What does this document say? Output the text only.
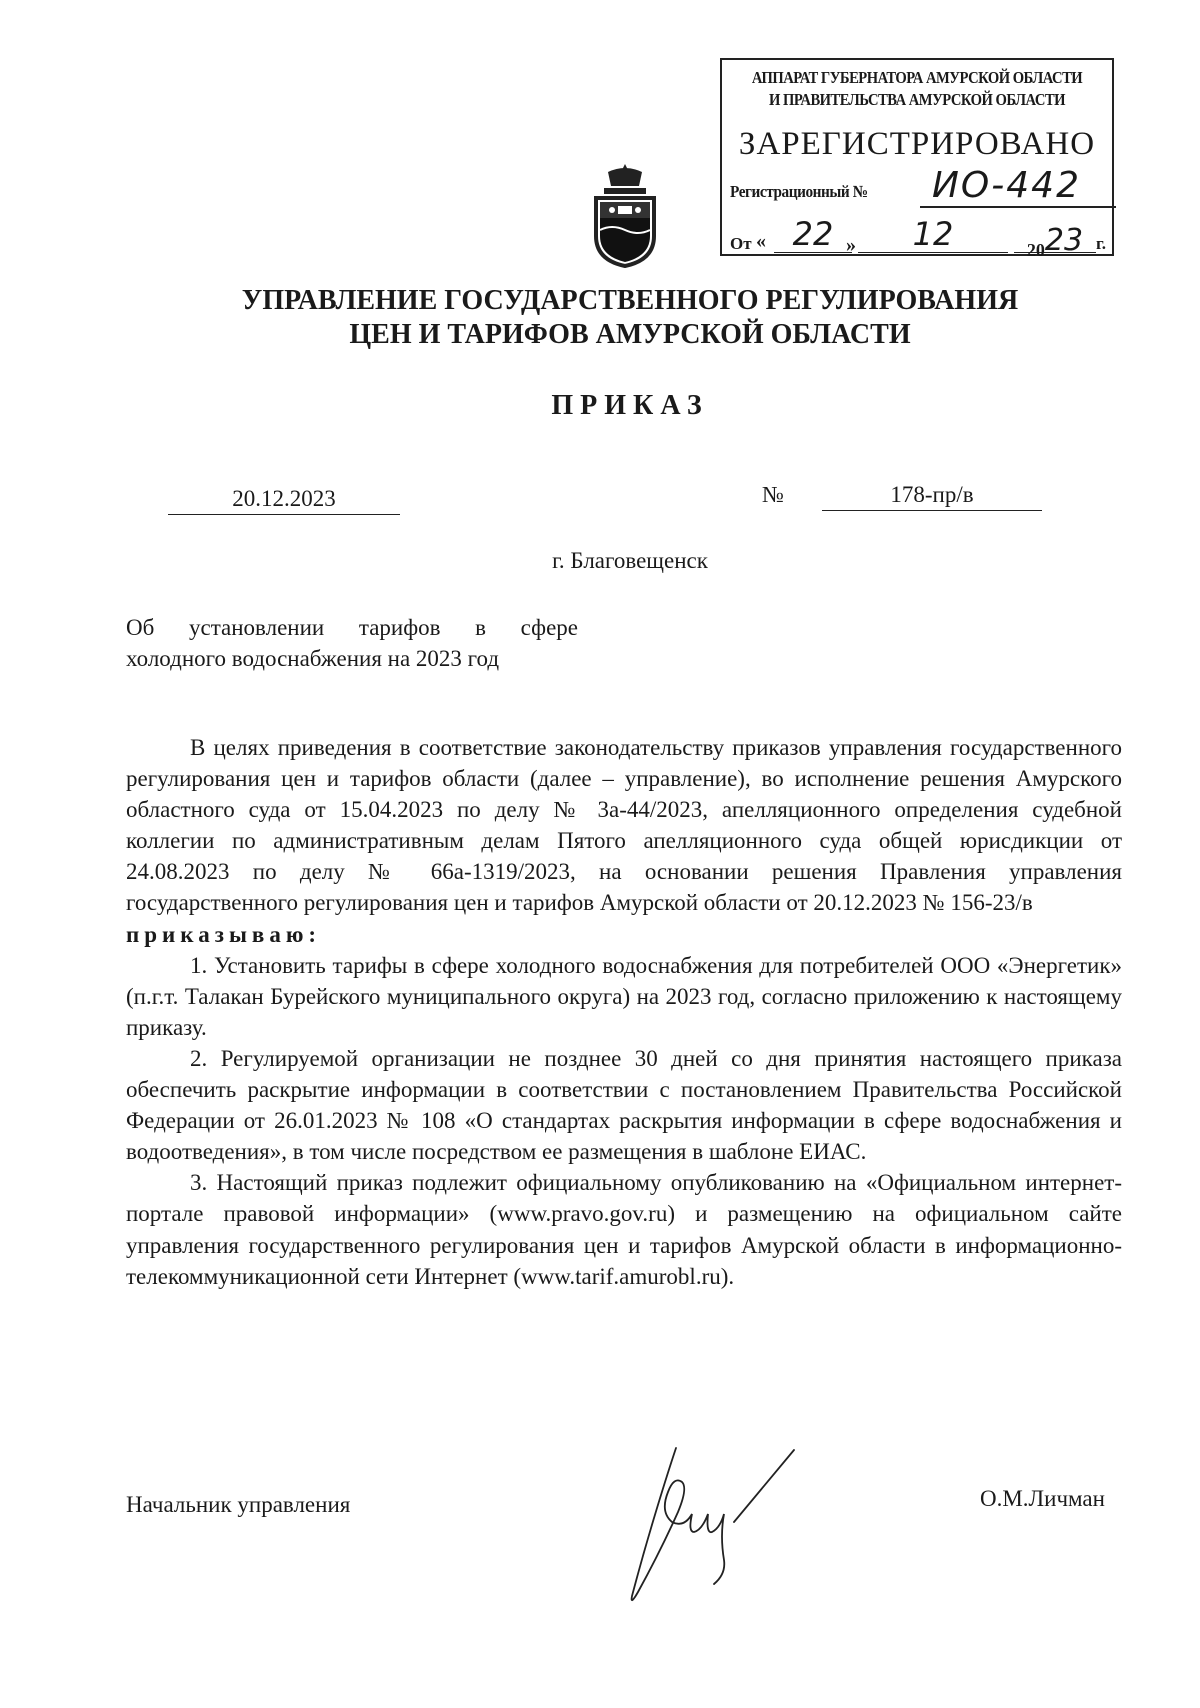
АППАРАТ ГУБЕРНАТОРА АМУРСКОЙ ОБЛАСТИ
И ПРАВИТЕЛЬСТВА АМУРСКОЙ ОБЛАСТИ
ЗАРЕГИСТРИРОВАНО
Регистрационный №	ИО-442
От « 22 »	12	2023 г.
УПРАВЛЕНИЕ ГОСУДАРСТВЕННОГО РЕГУЛИРОВАНИЯ
ЦЕН И ТАРИФОВ АМУРСКОЙ ОБЛАСТИ
ПРИКАЗ
20.12.2023	№	178-пр/в
г. Благовещенск
Об установлении тарифов в сфере
холодного водоснабжения на 2023 год

В целях приведения в соответствие законодательству приказов управления государственного регулирования цен и тарифов области (далее – управление), во исполнение решения Амурского областного суда от 15.04.2023 по делу № 3а-44/2023, апелляционного определения судебной коллегии по административным делам Пятого апелляционного суда общей юрисдикции от 24.08.2023 по делу № 66а-1319/2023, на основании решения Правления управления государственного регулирования цен и тарифов Амурской области от 20.12.2023 № 156-23/в

приказываю:

1. Установить тарифы в сфере холодного водоснабжения для потребителей ООО «Энергетик» (п.г.т. Талакан Бурейского муниципального округа) на 2023 год, согласно приложению к настоящему приказу.

2. Регулируемой организации не позднее 30 дней со дня принятия настоящего приказа обеспечить раскрытие информации в соответствии с постановлением Правительства Российской Федерации от 26.01.2023 № 108 «О стандартах раскрытия информации в сфере водоснабжения и водоотведения», в том числе посредством ее размещения в шаблоне ЕИАС.

3. Настоящий приказ подлежит официальному опубликованию на «Официальном интернет-портале правовой информации» (www.pravo.gov.ru) и размещению на официальном сайте управления государственного регулирования цен и тарифов Амурской области в информационно-телекоммуникационной сети Интернет (www.tarif.amurobl.ru).

Начальник управления	О.М.Личман
